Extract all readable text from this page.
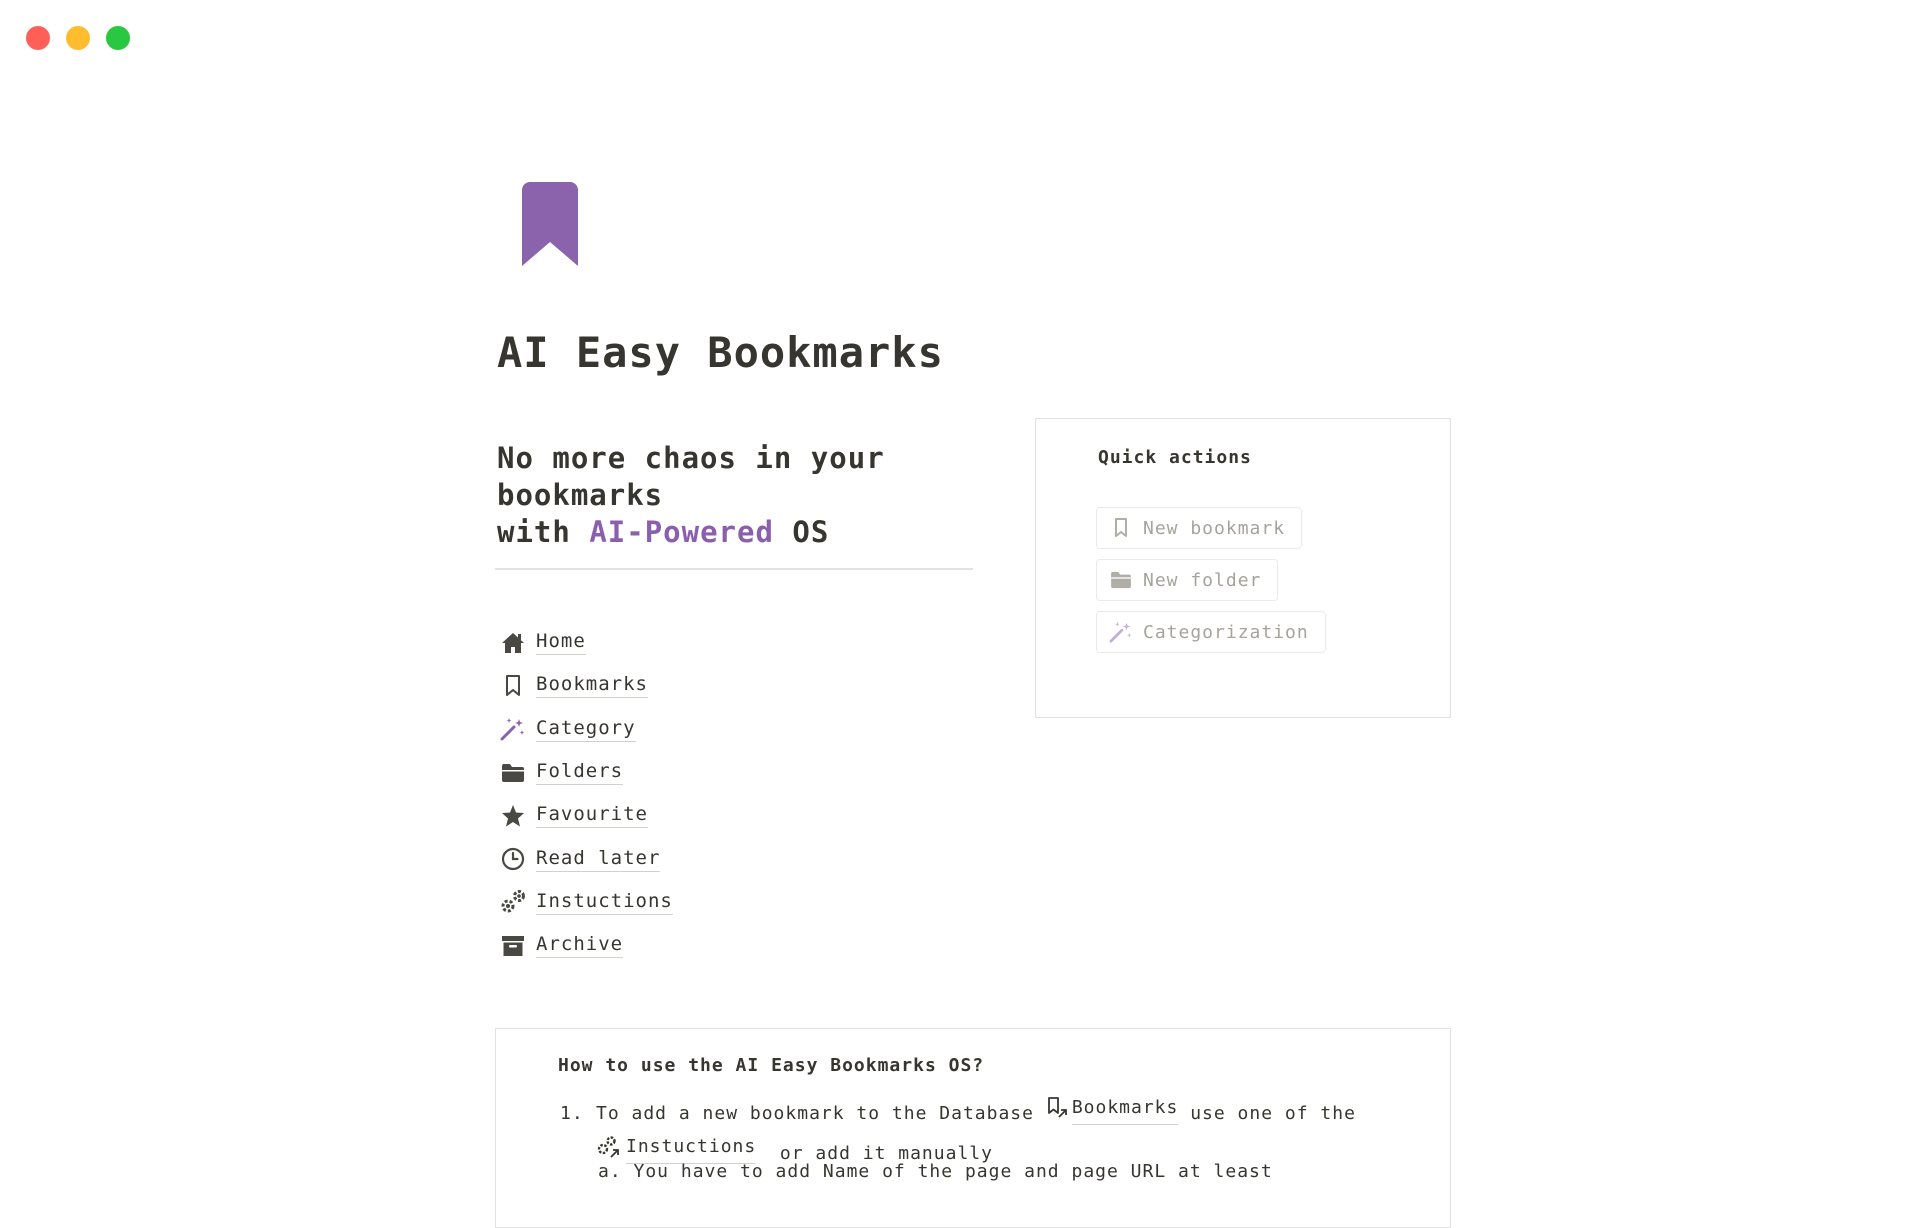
AI Easy Bookmarks

No more chaos in your bookmarks
with AI-Powered OS

Home
Bookmarks
Category
Folders
Favourite
Read later
Instuctions
Archive
Quick actions
New bookmark
New folder
Categorization
How to use the AI Easy Bookmarks OS?
1. To add a new bookmark to the Database Bookmarks use one of the

Instuctions or add it manually
a. You have to add Name of the page and page URL at least
